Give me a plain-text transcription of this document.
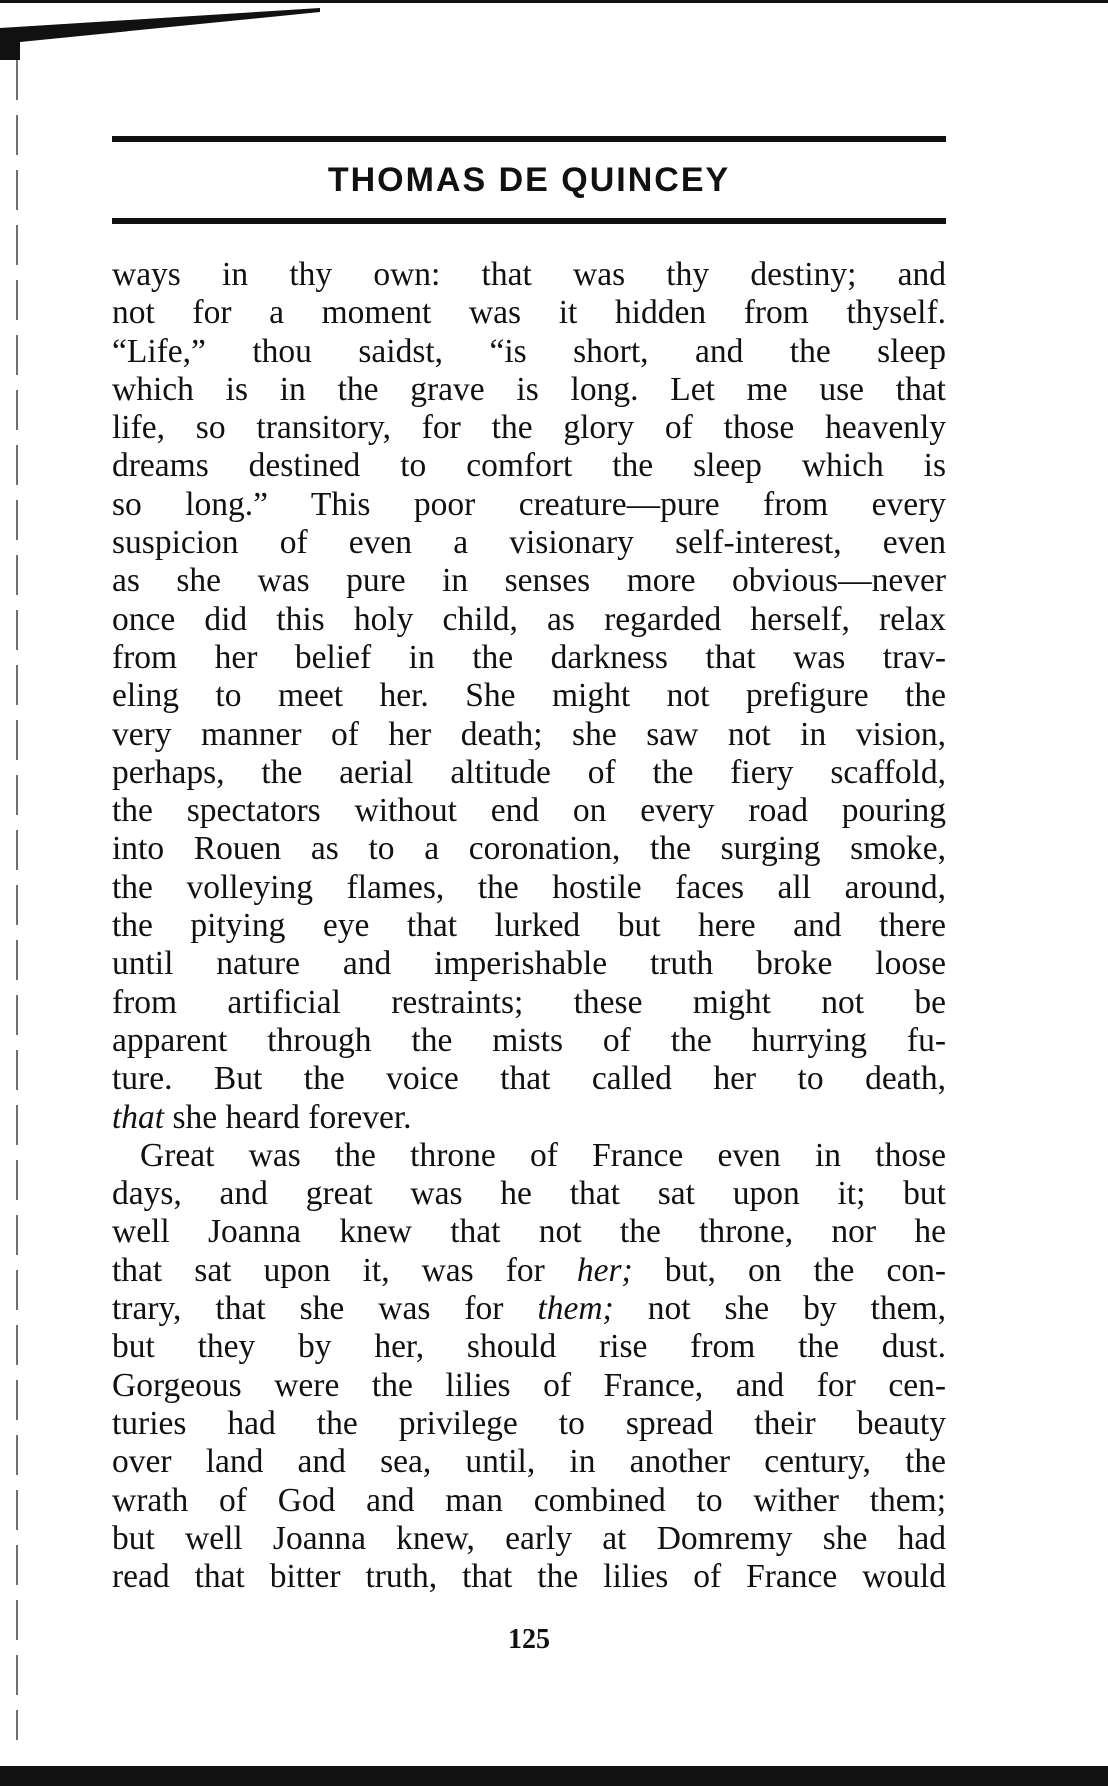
THOMAS DE QUINCEY
ways in thy own: that was thy destiny; and
not for a moment was it hidden from thyself.
“Life,” thou saidst, “is short, and the sleep
which is in the grave is long. Let me use that
life, so transitory, for the glory of those heavenly
dreams destined to comfort the sleep which is
so long.” This poor creature—pure from every
suspicion of even a visionary self-interest, even
as she was pure in senses more obvious—never
once did this holy child, as regarded herself, relax
from her belief in the darkness that was trav-
eling to meet her. She might not prefigure the
very manner of her death; she saw not in vision,
perhaps, the aerial altitude of the fiery scaffold,
the spectators without end on every road pouring
into Rouen as to a coronation, the surging smoke,
the volleying flames, the hostile faces all around,
the pitying eye that lurked but here and there
until nature and imperishable truth broke loose
from artificial restraints; these might not be
apparent through the mists of the hurrying fu-
ture. But the voice that called her to death,
that she heard forever.
Great was the throne of France even in those
days, and great was he that sat upon it; but
well Joanna knew that not the throne, nor he
that sat upon it, was for her; but, on the con-
trary, that she was for them; not she by them,
but they by her, should rise from the dust.
Gorgeous were the lilies of France, and for cen-
turies had the privilege to spread their beauty
over land and sea, until, in another century, the
wrath of God and man combined to wither them;
but well Joanna knew, early at Domremy she had
read that bitter truth, that the lilies of France would
125
